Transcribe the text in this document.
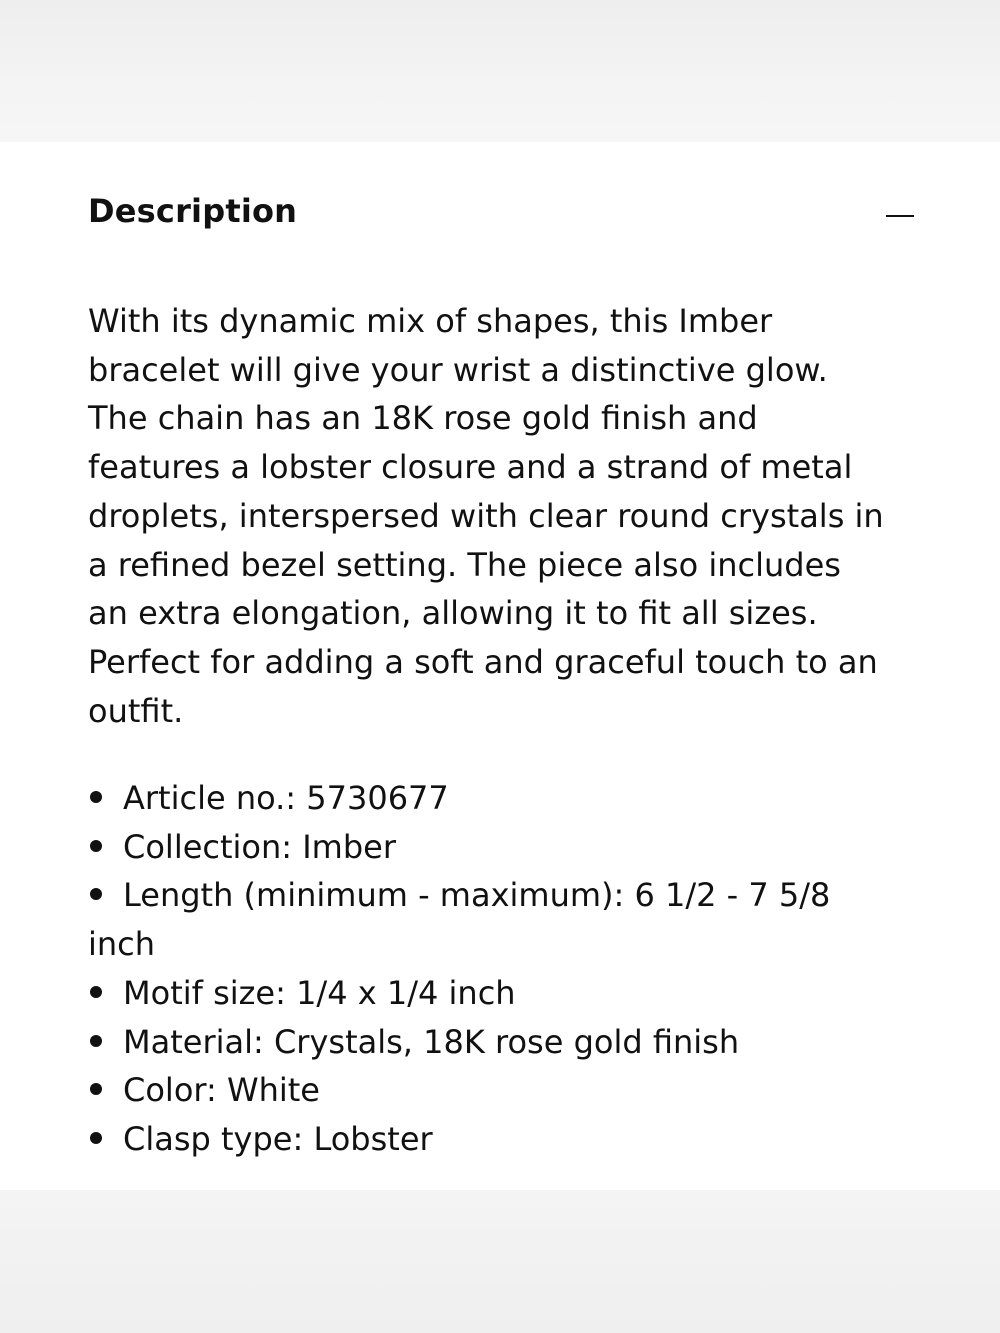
Description

With its dynamic mix of shapes, this Imber bracelet will give your wrist a distinctive glow. The chain has an 18K rose gold finish and features a lobster closure and a strand of metal droplets, interspersed with clear round crystals in a refined bezel setting. The piece also includes an extra elongation, allowing it to fit all sizes. Perfect for adding a soft and graceful touch to an outfit.

Article no.: 5730677
Collection: Imber
Length (minimum - maximum): 6 1/2 - 7 5/8 inch
Motif size: 1/4 x 1/4 inch
Material: Crystals, 18K rose gold finish
Color: White
Clasp type: Lobster
